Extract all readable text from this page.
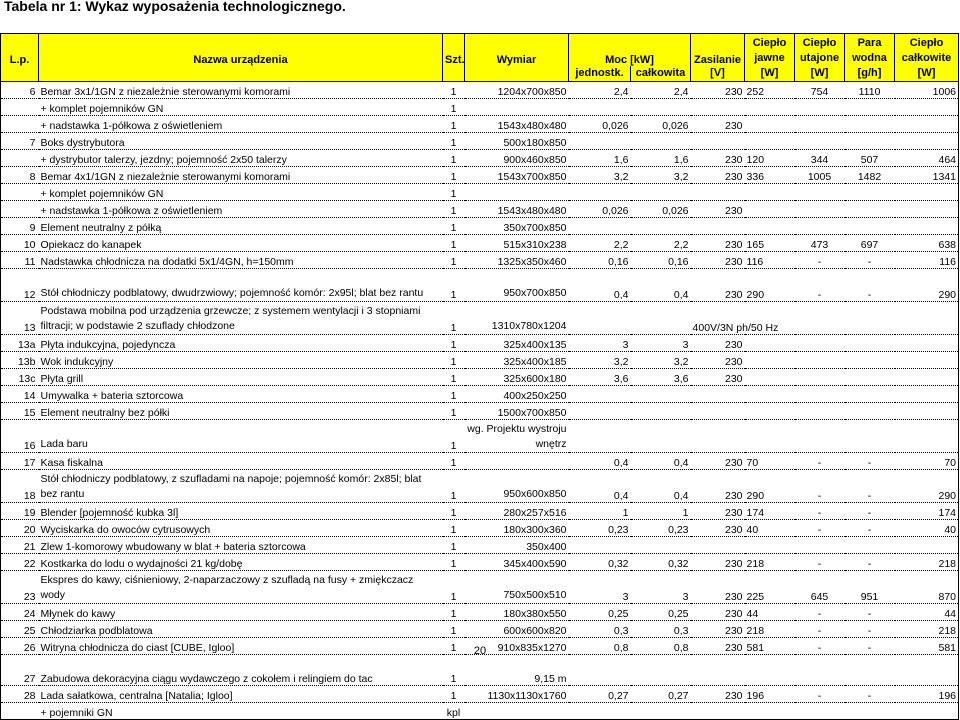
Tabela nr 1: Wykaz wyposażenia technologicznego.
L.p.	Nazwa urządzenia	Szt.	Wymiar	Moc [kW]		Zasilanie	Ciepło jawne	Ciepło utajone	Para wodna	Ciepło całkowite
				jednostk.	całkowita	[V]	[W]	[W]	[g/h]	[W]
6	Bemar 3x1/1GN z niezależnie sterowanymi komorami	1	1204x700x850	2,4	2,4	230	252	754	1110	1006
	+ komplet pojemników GN	1								
	+ nadstawka 1-półkowa z oświetleniem	1	1543x480x480	0,026	0,026	230				
7	Boks dystrybutora	1	500x180x850							
	+ dystrybutor talerzy, jezdny; pojemność 2x50 talerzy	1	900x460x850	1,6	1,6	230	120	344	507	464
8	Bemar 4x1/1GN z niezależnie sterowanymi komorami	1	1543x700x850	3,2	3,2	230	336	1005	1482	1341
	+ komplet pojemników GN	1								
	+ nadstawka 1-półkowa z oświetleniem	1	1543x480x480	0,026	0,026	230				
9	Element neutralny z półką	1	350x700x850							
10	Opiekacz do kanapek	1	515x310x238	2,2	2,2	230	165	473	697	638
11	Nadstawka chłodnicza na dodatki 5x1/4GN, h=150mm	1	1325x350x460	0,16	0,16	230	116	-	-	116
12	Stół chłodniczy podblatowy, dwudrzwiowy; pojemność komór: 2x95l; blat bez rantu	1	950x700x850	0,4	0,4	230	290	-	-	290
13	Podstawa mobilna pod urządzenia grzewcze; z systemem wentylacji i 3 stopniami filtracji; w podstawie 2 szuflady chłodzone	1	1310x780x1204			400V/3N ph/50 Hz				
13a	Płyta indukcyjna, pojedyncza	1	325x400x135	3	3	230				
13b	Wok indukcyjny	1	325x400x185	3,2	3,2	230				
13c	Płyta grill	1	325x600x180	3,6	3,6	230				
14	Umywalka + bateria sztorcowa	1	400x250x250							
15	Element neutralny bez półki	1	1500x700x850							
16	Lada baru	1	wg. Projektu wystroju wnętrz							
17	Kasa fiskalna	1		0,4	0,4	230	70	-	-	70
18	Stół chłodniczy podblatowy, z szufladami na napoje; pojemność komór: 2x85l; blat bez rantu	1	950x600x850	0,4	0,4	230	290	-	-	290
19	Blender [pojemność kubka 3l]	1	280x257x516	1	1	230	174	-	-	174
20	Wyciskarka do owoców cytrusowych	1	180x300x360	0,23	0,23	230	40	-	-	40
21	Zlew 1-komorowy wbudowany w blat + bateria sztorcowa	1	350x400							
22	Kostkarka do lodu o wydajności 21 kg/dobę	1	345x400x590	0,32	0,32	230	218	-	-	218
23	Ekspres do kawy, ciśnieniowy, 2-naparzaczowy z szufladą na fusy + zmiękczacz wody	1	750x500x510	3	3	230	225	645	951	870
24	Młynek do kawy	1	180x380x550	0,25	0,25	230	44	-	-	44
25	Chłodziarka podblatowa	1	600x600x820	0,3	0,3	230	218	-	-	218
26	Witryna chłodnicza do ciast [CUBE, Igloo]	1	910x835x1270	0,8	0,8	230	581	-	-	581

27	Zabudowa dekoracyjna ciągu wydawczego z cokołem i relingiem do tac	1	9,15 m							
28	Lada sałatkowa, centralna [Natalia; Igloo]	1	1130x1130x1760	0,27	0,27	230	196	-	-	196
	+ pojemniki GN	kpl								
20
